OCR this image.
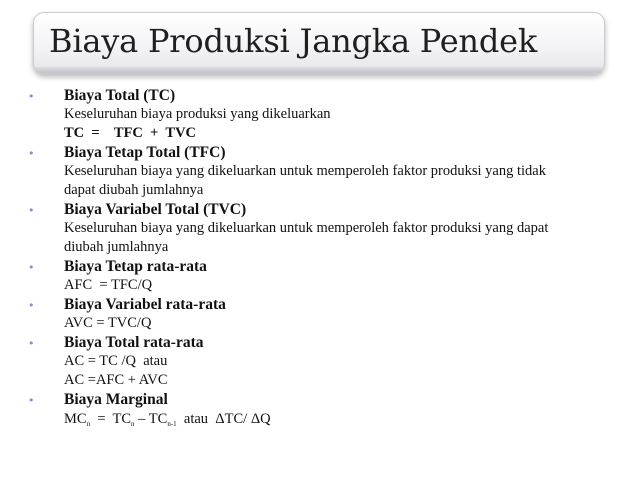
Biaya Produksi Jangka Pendek
• Biaya Total (TC)
Keseluruhan biaya produksi yang dikeluarkan
TC  =    TFC  +  TVC
• Biaya Tetap Total (TFC)
Keseluruhan biaya yang dikeluarkan untuk memperoleh faktor produksi yang tidak
dapat diubah jumlahnya
• Biaya Variabel Total (TVC)
Keseluruhan biaya yang dikeluarkan untuk memperoleh faktor produksi yang dapat
diubah jumlahnya
• Biaya Tetap rata-rata
AFC  = TFC/Q
• Biaya Variabel rata-rata
AVC = TVC/Q
• Biaya Total rata-rata
AC = TC /Q  atau
AC =AFC + AVC
• Biaya Marginal
$MC_n = TC_n - TC_{n-1}$  atau  ΔTC/ ΔQ
